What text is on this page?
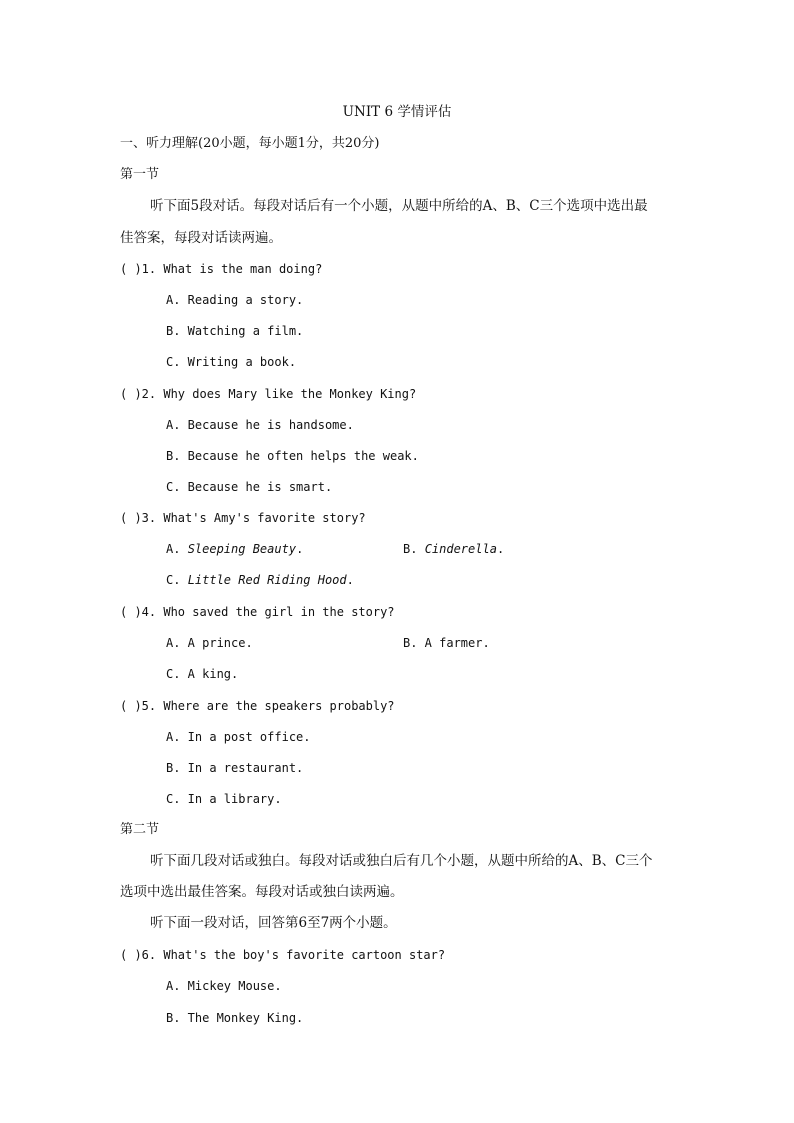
UNIT 6 学情评估
一、听力理解(20小题，每小题1分，共20分)
第一节
听下面5段对话。每段对话后有一个小题，从题中所给的A、B、C三个选项中选出最
佳答案，每段对话读两遍。
( )1. What is the man doing?
A. Reading a story.
B. Watching a film.
C. Writing a book.
( )2. Why does Mary like the Monkey King?
A. Because he is handsome.
B. Because he often helps the weak.
C. Because he is smart.
( )3. What's Amy's favorite story?
A. Sleeping Beauty.	B. Cinderella.
C. Little Red Riding Hood.
( )4. Who saved the girl in the story?
A. A prince.	B. A farmer.
C. A king.
( )5. Where are the speakers probably?
A. In a post office.
B. In a restaurant.
C. In a library.
第二节
听下面几段对话或独白。每段对话或独白后有几个小题，从题中所给的A、B、C三个
选项中选出最佳答案。每段对话或独白读两遍。
听下面一段对话，回答第6至7两个小题。
( )6. What's the boy's favorite cartoon star?
A. Mickey Mouse.
B. The Monkey King.
